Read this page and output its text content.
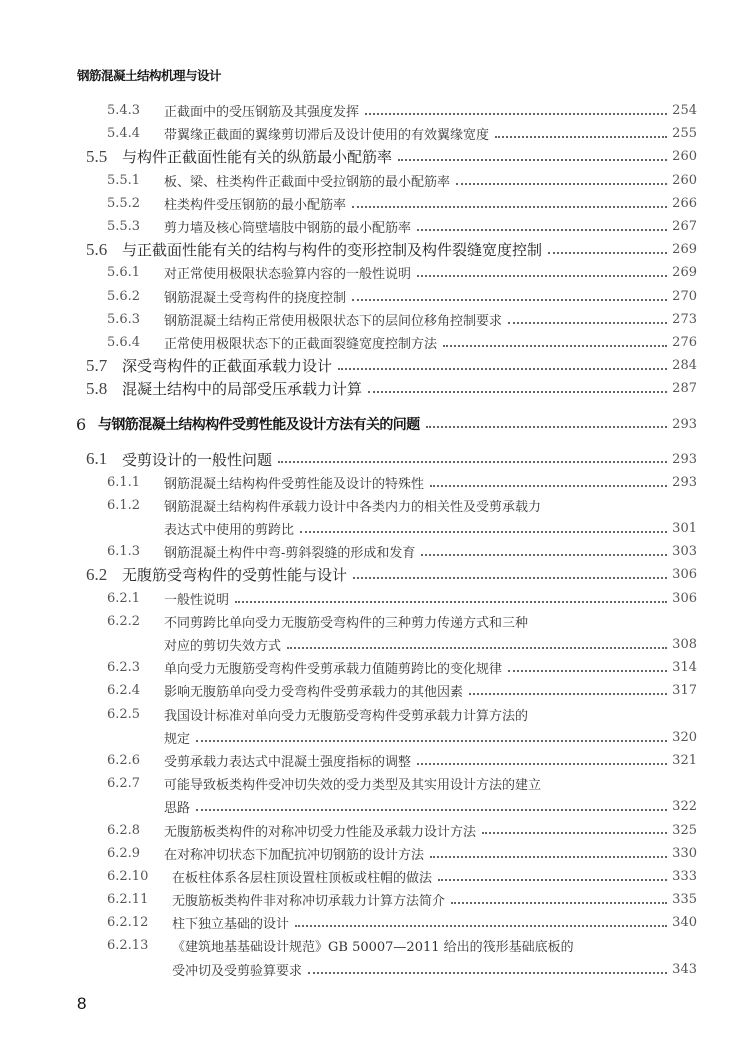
钢筋混凝土结构机理与设计
5.4.3 正截面中的受压钢筋及其强度发挥	254
5.4.4 带翼缘正截面的翼缘剪切滞后及设计使用的有效翼缘宽度	255
5.5 与构件正截面性能有关的纵筋最小配筋率	260
5.5.1 板、梁、柱类构件正截面中受拉钢筋的最小配筋率	260
5.5.2 柱类构件受压钢筋的最小配筋率	266
5.5.3 剪力墙及核心筒壁墙肢中钢筋的最小配筋率	267
5.6 与正截面性能有关的结构与构件的变形控制及构件裂缝宽度控制	269
5.6.1 对正常使用极限状态验算内容的一般性说明	269
5.6.2 钢筋混凝土受弯构件的挠度控制	270
5.6.3 钢筋混凝土结构正常使用极限状态下的层间位移角控制要求	273
5.6.4 正常使用极限状态下的正截面裂缝宽度控制方法	276
5.7 深受弯构件的正截面承载力设计	284
5.8 混凝土结构中的局部受压承载力计算	287
6 与钢筋混凝土结构构件受剪性能及设计方法有关的问题	293
6.1 受剪设计的一般性问题	293
6.1.1 钢筋混凝土结构构件受剪性能及设计的特殊性	293
6.1.2 钢筋混凝土结构构件承载力设计中各类内力的相关性及受剪承载力
表达式中使用的剪跨比	301
6.1.3 钢筋混凝土构件中弯-剪斜裂缝的形成和发育	303
6.2 无腹筋受弯构件的受剪性能与设计	306
6.2.1 一般性说明	306
6.2.2 不同剪跨比单向受力无腹筋受弯构件的三种剪力传递方式和三种
对应的剪切失效方式	308
6.2.3 单向受力无腹筋受弯构件受剪承载力值随剪跨比的变化规律	314
6.2.4 影响无腹筋单向受力受弯构件受剪承载力的其他因素	317
6.2.5 我国设计标准对单向受力无腹筋受弯构件受剪承载力计算方法的
规定	320
6.2.6 受剪承载力表达式中混凝土强度指标的调整	321
6.2.7 可能导致板类构件受冲切失效的受力类型及其实用设计方法的建立
思路	322
6.2.8 无腹筋板类构件的对称冲切受力性能及承载力设计方法	325
6.2.9 在对称冲切状态下加配抗冲切钢筋的设计方法	330
6.2.10 在板柱体系各层柱顶设置柱顶板或柱帽的做法	333
6.2.11 无腹筋板类构件非对称冲切承载力计算方法简介	335
6.2.12 柱下独立基础的设计	340
6.2.13 《建筑地基基础设计规范》GB 50007—2011 给出的筏形基础底板的
受冲切及受剪验算要求	343
8
